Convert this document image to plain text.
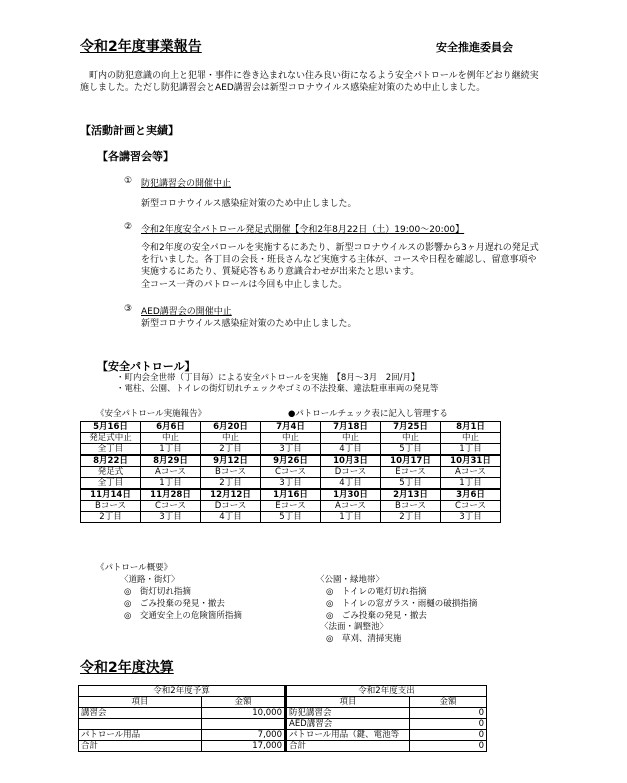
令和2年度事業報告	安全推進委員会
　町内の防犯意識の向上と犯罪・事件に巻き込まれない住み良い街になるよう安全パトロールを例年どおり継続実施しました。ただし防犯講習会とAED講習会は新型コロナウイルス感染症対策のため中止しました。
【活動計画と実績】
【各講習会等】
① 防犯講習会の開催中止
新型コロナウイルス感染症対策のため中止しました。
② 令和2年度安全パトロール発足式開催【令和2年8月22日（土）19:00～20:00】
令和2年度の安全パロールを実施するにあたり、新型コロナウイルスの影響から3ヶ月遅れの発足式を行いました。各丁目の会長・班長さんなど実施する主体が、コースや日程を確認し、留意事項や実施するにあたり、質疑応答もあり意識合わせが出来たと思います。
全コース一斉のパトロールは今回も中止しました。
③ AED講習会の開催中止
新型コロナウイルス感染症対策のため中止しました。
【安全パトロール】
・町内会全世帯（丁目毎）による安全パトロールを実施　【8月～3月　2回/月】
・電柱、公園、トイレの街灯切れチェックやゴミの不法投棄、違法駐車車両の発見等
《安全パトロール実施報告》	●パトロールチェック表に記入し管理する
5月16日	6月6日	6月20日	7月4日	7月18日	7月25日	8月1日
発足式中止	中止	中止	中止	中止	中止	中止
全丁目	1丁目	2丁目	3丁目	4丁目	5丁目	1丁目
8月22日	8月29日	9月12日	9月26日	10月3日	10月17日	10月31日
発足式	Aコース	Bコース	Cコース	Dコース	Eコース	Aコース
全丁目	1丁目	2丁目	3丁目	4丁目	5丁目	1丁目
11月14日	11月28日	12月12日	1月16日	1月30日	2月13日	3月6日
Bコース	Cコース	Dコース	Eコース	Aコース	Bコース	Cコース
2丁目	3丁目	4丁目	5丁目	1丁目	2丁目	3丁目
《パトロール概要》
〈道路・街灯〉
◎　街灯切れ指摘
◎　ごみ投棄の発見・撤去
◎　交通安全上の危険箇所指摘
〈公園・緑地帯〉
◎　トイレの電灯切れ指摘
◎　トイレの窓ガラス・雨樋の破損指摘
◎　ごみ投棄の発見・撤去
〈法面・調整池〉
◎　草刈、清掃実施
令和2年度決算
令和2年度予算		令和2年度支出	
項目	金額		項目	金額
講習会	10,000		防犯講習会	0
			AED講習会	0
パトロール用品	7,000		パトロール用品（鍵、電池等	0
合計	17,000		合計	0
